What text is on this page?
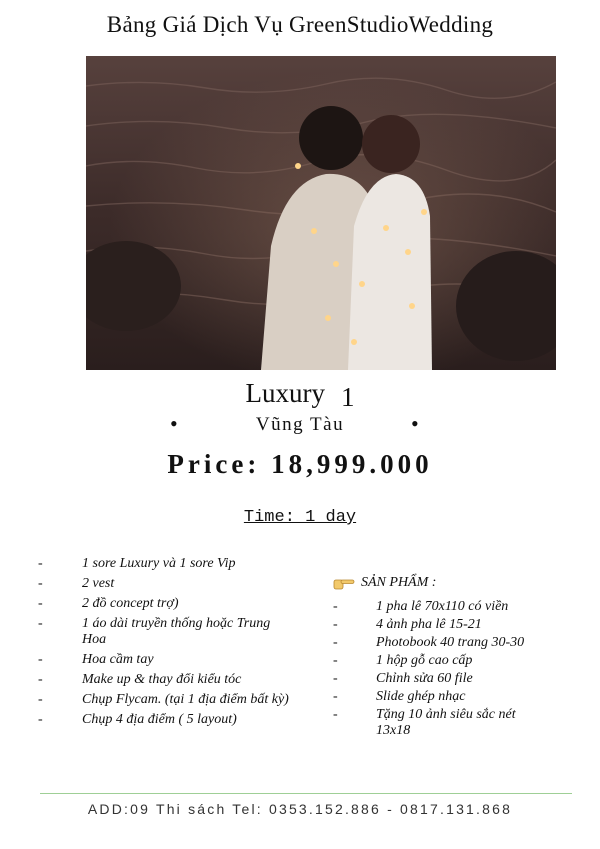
Bảng Giá Dịch Vụ GreenStudioWedding
Luxury 1
•	Vũng Tàu	•
Price: 18,999.000
Time: 1 day
-	1 sore Luxury và 1 sore Vip
-	2 vest
-	2 đồ concept trợ)
-	1 áo dài truyền thống hoặc Trung Hoa
-	Hoa cầm tay
-	Make up & thay đổi kiểu tóc
-	Chụp Flycam. (tại 1 địa điểm bất kỳ)
-	Chụp 4 địa điểm ( 5 layout)
SẢN PHẨM :
-	1 pha lê 70x110 có viền
-	4 ảnh pha lê 15-21
-	Photobook 40 trang 30-30
-	1 hộp gỗ cao cấp
-	Chỉnh sửa 60 file
-	Slide ghép nhạc
-	Tặng 10 ảnh siêu sắc nét 13x18
ADD:09 Thi sách Tel: 0353.152.886 - 0817.131.868
